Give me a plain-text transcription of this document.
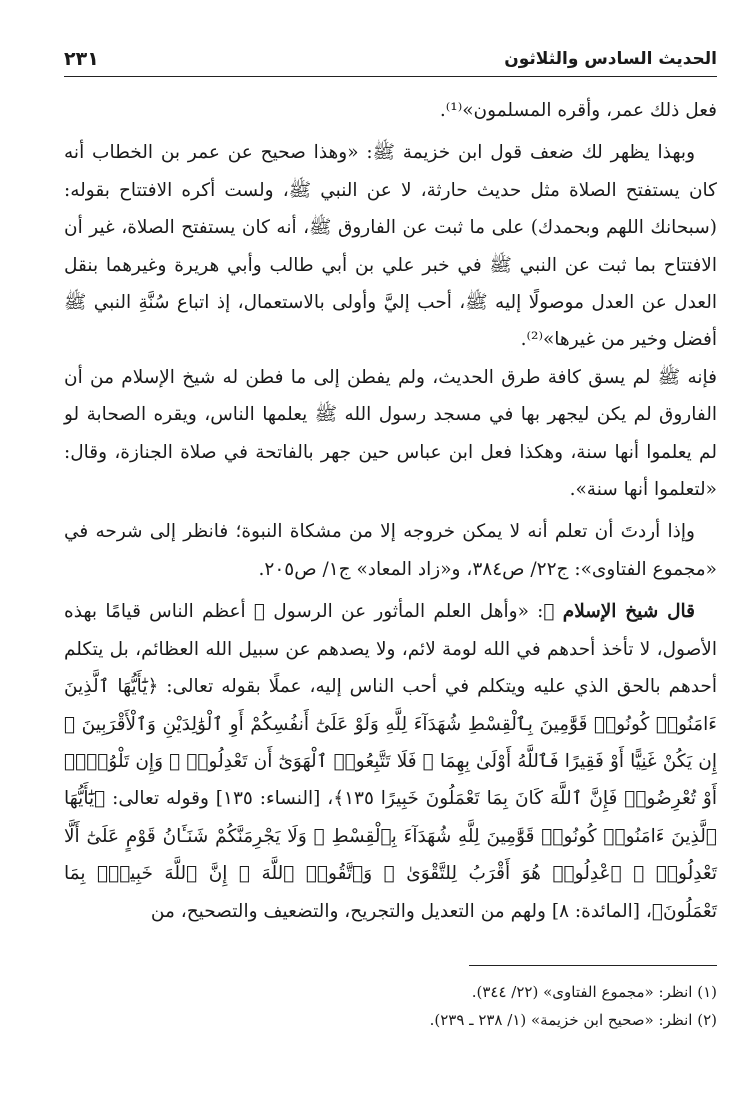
الحديث السادس والثلاثون
٢٣١

فعل ذلك عمر، وأقره المسلمون»⁽¹⁾.

وبهذا يظهر لك ضعف قول ابن خزيمة ﷺ: «وهذا صحيح عن عمر بن الخطاب أنه كان يستفتح الصلاة مثل حديث حارثة، لا عن النبي ﷺ، ولست أكره الافتتاح بقوله: (سبحانك اللهم وبحمدك) على ما ثبت عن الفاروق ﷺ، أنه كان يستفتح الصلاة، غير أن الافتتاح بما ثبت عن النبي ﷺ في خبر علي بن أبي طالب وأبي هريرة وغيرهما بنقل العدل عن العدل موصولًا إليه ﷺ، أحب إليَّ وأولى بالاستعمال، إذ اتباع سُنَّةِ النبي ﷺ أفضل وخير من غيرها»⁽²⁾.

فإنه ﷺ لم يسق كافة طرق الحديث، ولم يفطن إلى ما فطن له شيخ الإسلام من أن الفاروق لم يكن ليجهر بها في مسجد رسول الله ﷺ يعلمها الناس، ويقره الصحابة لو لم يعلموا أنها سنة، وهكذا فعل ابن عباس حين جهر بالفاتحة في صلاة الجنازة، وقال: «لتعلموا أنها سنة».

وإذا أردتَ أن تعلم أنه لا يمكن خروجه إلا من مشكاة النبوة؛ فانظر إلى شرحه في «مجموع الفتاوى»: ج٢٢/ ص٣٨٤، و«زاد المعاد» ج١/ ص٢٠٥.

قال شيخ الإسلام ﷺ: «وأهل العلم المأثور عن الرسول ﷺ أعظم الناس قيامًا بهذه الأصول، لا تأخذ أحدهم في الله لومة لائم، ولا يصدهم عن سبيل الله العظائم، بل يتكلم أحدهم بالحق الذي عليه ويتكلم في أحب الناس إليه، عملًا بقوله تعالى: ﴿يَٰٓأَيُّهَا ٱلَّذِينَ ءَامَنُوا۟ كُونُوا۟ قَوَّٰمِينَ بِٱلْقِسْطِ شُهَدَآءَ لِلَّهِ وَلَوْ عَلَىٰٓ أَنفُسِكُمْ أَوِ ٱلْوَٰلِدَيْنِ وَٱلْأَقْرَبِينَ ۚ إِن يَكُنْ غَنِيًّا أَوْ فَقِيرًا فَٱللَّهُ أَوْلَىٰ بِهِمَا ۖ فَلَا تَتَّبِعُوا۟ ٱلْهَوَىٰٓ أَن تَعْدِلُوا۟ ۚ وَإِن تَلْوُۥٓا۟ أَوْ تُعْرِضُوا۟ فَإِنَّ ٱللَّهَ كَانَ بِمَا تَعْمَلُونَ خَبِيرًا ١٣٥﴾، [النساء: ١٣٥] وقوله تعالى: ﴿يَٰٓأَيُّهَا ٱلَّذِينَ ءَامَنُوا۟ كُونُوا۟ قَوَّٰمِينَ لِلَّهِ شُهَدَآءَ بِٱلْقِسْطِ ۖ وَلَا يَجْرِمَنَّكُمْ شَنَـَٔانُ قَوْمٍ عَلَىٰٓ أَلَّا تَعْدِلُوا۟ ۚ ٱعْدِلُوا۟ هُوَ أَقْرَبُ لِلتَّقْوَىٰ ۖ وَٱتَّقُوا۟ ٱللَّهَ ۚ إِنَّ ٱللَّهَ خَبِيرٌۢ بِمَا تَعْمَلُونَ﴾، [المائدة: ٨] ولهم من التعديل والتجريح، والتضعيف والتصحيح، من

(١) انظر: «مجموع الفتاوى» (٢٢/ ٣٤٤).
(٢) انظر: «صحيح ابن خزيمة» (١/ ٢٣٨ ـ ٢٣٩).
